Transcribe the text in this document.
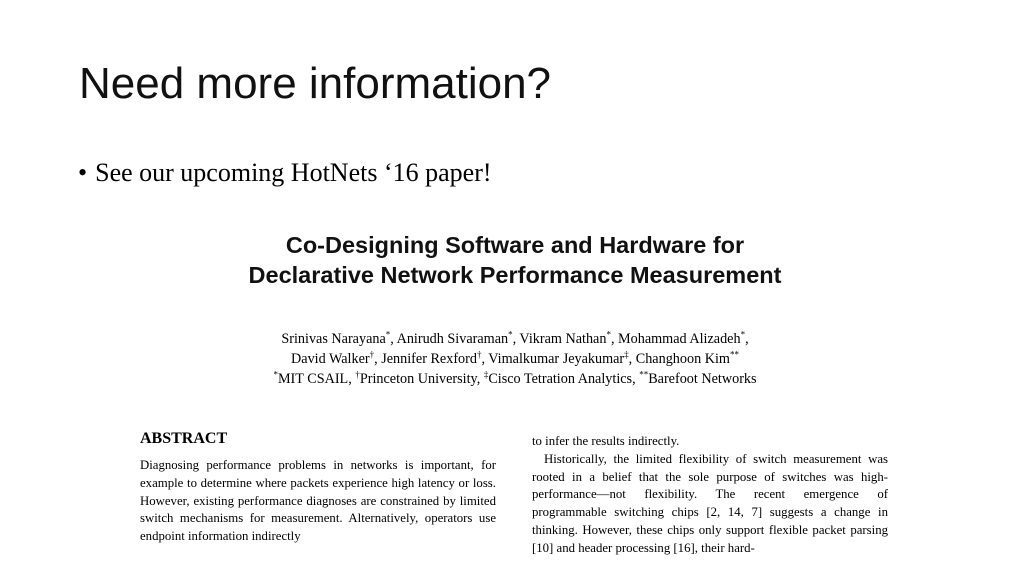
Need more information?
• See our upcoming HotNets ‘16 paper!
Co-Designing Software and Hardware for
Declarative Network Performance Measurement
Srinivas Narayana*, Anirudh Sivaraman*, Vikram Nathan*, Mohammad Alizadeh*,
David Walker†, Jennifer Rexford†, Vimalkumar Jeyakumar‡, Changhoon Kim**
*MIT CSAIL, †Princeton University, ‡Cisco Tetration Analytics, **Barefoot Networks
ABSTRACT

Diagnosing performance problems in networks is important, for example to determine where packets experience high latency or loss. However, existing performance diagnoses are constrained by limited switch mechanisms for measurement. Alternatively, operators use endpoint information indirectly

to infer the results indirectly.

Historically, the limited flexibility of switch measurement was rooted in a belief that the sole purpose of switches was high-performance—not flexibility. The recent emergence of programmable switching chips [2, 14, 7] suggests a change in thinking. However, these chips only support flexible packet parsing [10] and header processing [16], their hard-
